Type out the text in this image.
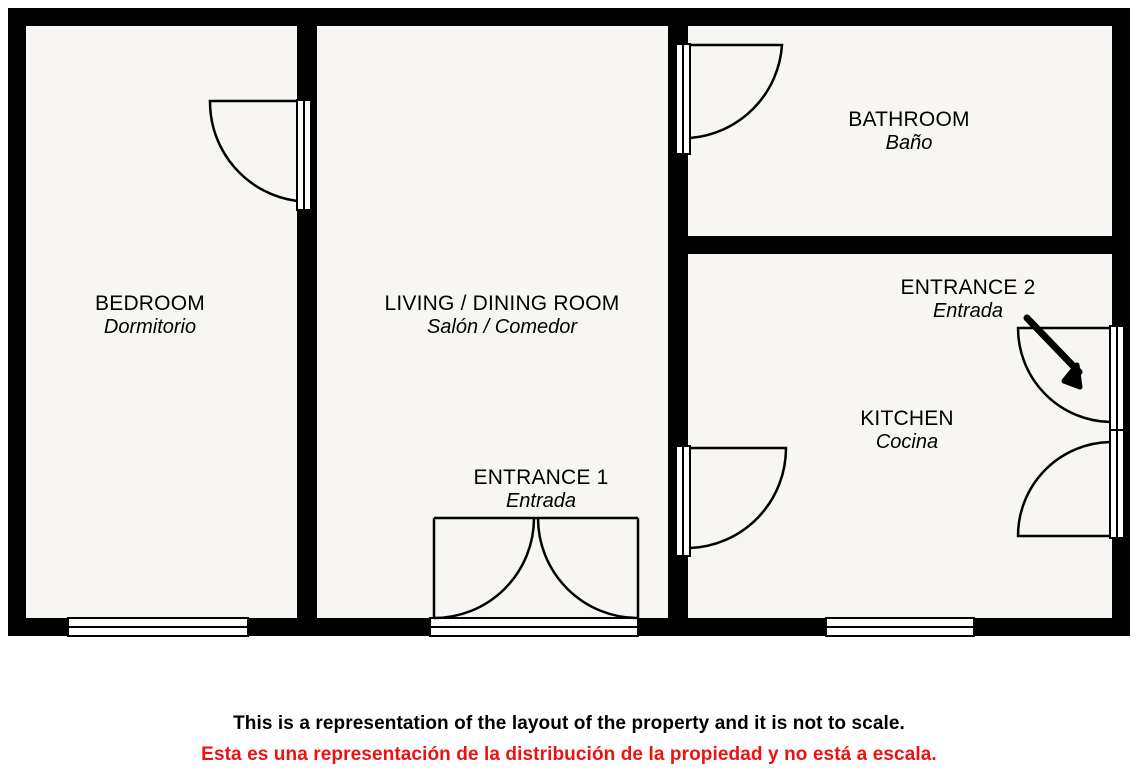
BEDROOM
Dormitorio
LIVING / DINING ROOM
Salón / Comedor
BATHROOM
Baño
KITCHEN
Cocina
ENTRANCE 1
Entrada
ENTRANCE 2
Entrada
This is a representation of the layout of the property and it is not to scale.
Esta es una representación de la distribución de la propiedad y no está a escala.
